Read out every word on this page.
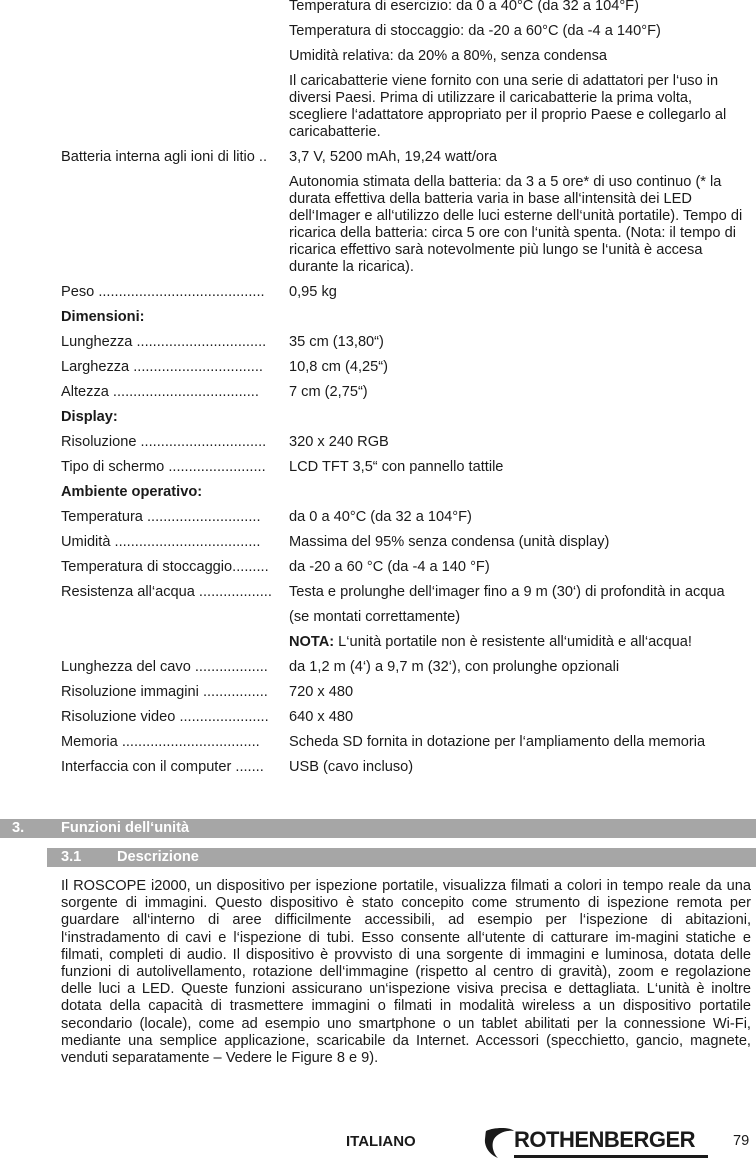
Temperatura di esercizio: da 0 a 40°C (da 32 a 104°F)
Temperatura di stoccaggio: da -20 a 60°C (da -4 a 140°F)
Umidità relativa: da 20% a 80%, senza condensa
Il caricabatterie viene fornito con una serie di adattatori per l‘uso in diversi Paesi. Prima di utilizzare il caricabatterie la prima volta, scegliere l‘adattatore appropriato per il proprio Paese e collegarlo al caricabatterie.
Batteria interna agli ioni di litio ..	3,7 V, 5200 mAh, 19,24 watt/ora
Autonomia stimata della batteria: da 3 a 5 ore* di uso continuo (* la durata effettiva della batteria varia in base all‘intensità dei LED dell‘Imager e all‘utilizzo delle luci esterne dell‘unità portatile). Tempo di ricarica della batteria: circa 5 ore con l‘unità spenta. (Nota: il tempo di ricarica effettivo sarà notevolmente più lungo se l‘unità è accesa durante la ricarica).
Peso .........................................	0,95 kg
Dimensioni:
Lunghezza ................................	35 cm (13,80“)
Larghezza ................................	10,8 cm (4,25“)
Altezza ....................................	7 cm (2,75“)
Display:
Risoluzione ...............................	320 x 240 RGB
Tipo di schermo ........................	LCD TFT 3,5“ con pannello tattile
Ambiente operativo:
Temperatura ............................	da 0 a 40°C (da 32 a 104°F)
Umidità ....................................	Massima del 95% senza condensa (unità display)
Temperatura di stoccaggio.........	da -20 a 60 °C (da -4 a 140 °F)
Resistenza all‘acqua ..................	Testa e prolunghe dell‘imager fino a 9 m (30‘) di profondità in acqua
(se montati correttamente)
NOTA: L‘unità portatile non è resistente all‘umidità e all‘acqua!
Lunghezza del cavo ..................	da 1,2 m (4‘) a 9,7 m (32‘), con prolunghe opzionali
Risoluzione immagini ................	720 x 480
Risoluzione video ......................	640 x 480
Memoria ..................................	Scheda SD fornita in dotazione per l‘ampliamento della memoria
Interfaccia con il computer .......	USB (cavo incluso)
3.	Funzioni dell‘unità
3.1 Descrizione
Il ROSCOPE i2000, un dispositivo per ispezione portatile, visualizza filmati a colori in tempo reale da una sorgente di immagini. Questo dispositivo è stato concepito come strumento di ispezione remota per guardare all‘interno di aree difficilmente accessibili, ad esempio per l‘ispezione di abitazioni, l‘instradamento di cavi e l‘ispezione di tubi. Esso consente all‘utente di catturare im-magini statiche e filmati, completi di audio. Il dispositivo è provvisto di una sorgente di immagini e luminosa, dotata delle funzioni di autolivellamento, rotazione dell‘immagine (rispetto al centro di gravità), zoom e regolazione delle luci a LED. Queste funzioni assicurano un‘ispezione visiva precisa e dettagliata. L‘unità è inoltre dotata della capacità di trasmettere immagini o filmati in modalità wireless a un dispositivo portatile secondario (locale), come ad esempio uno smartphone o un tablet abilitati per la connessione Wi-Fi, mediante una semplice applicazione, scaricabile da Internet. Accessori (specchietto, gancio, magnete, venduti separatamente – Vedere le Figure 8 e 9).
ITALIANO	ROTHENBERGER	79
